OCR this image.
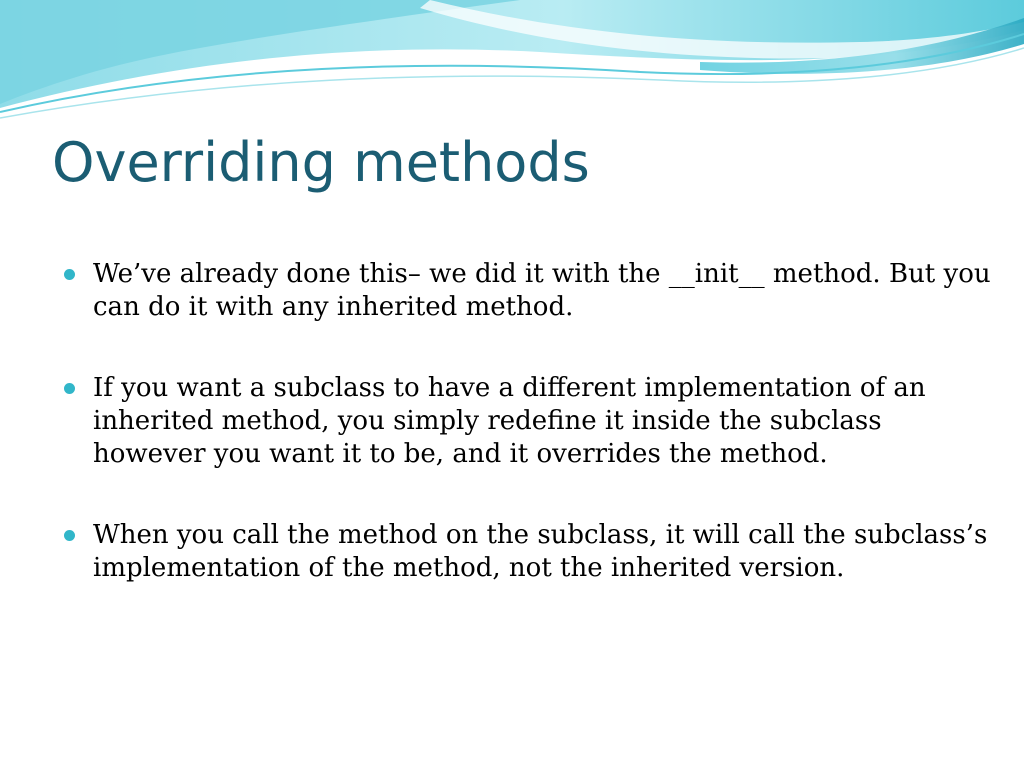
Overriding methods
We’ve already done this– we did it with the __init__ method. But you can do it with any inherited method.
If you want a subclass to have a different implementation of an inherited method, you simply redefine it inside the subclass however you want it to be, and it overrides the method.
When you call the method on the subclass, it will call the subclass’s implementation of the method, not the inherited version.
